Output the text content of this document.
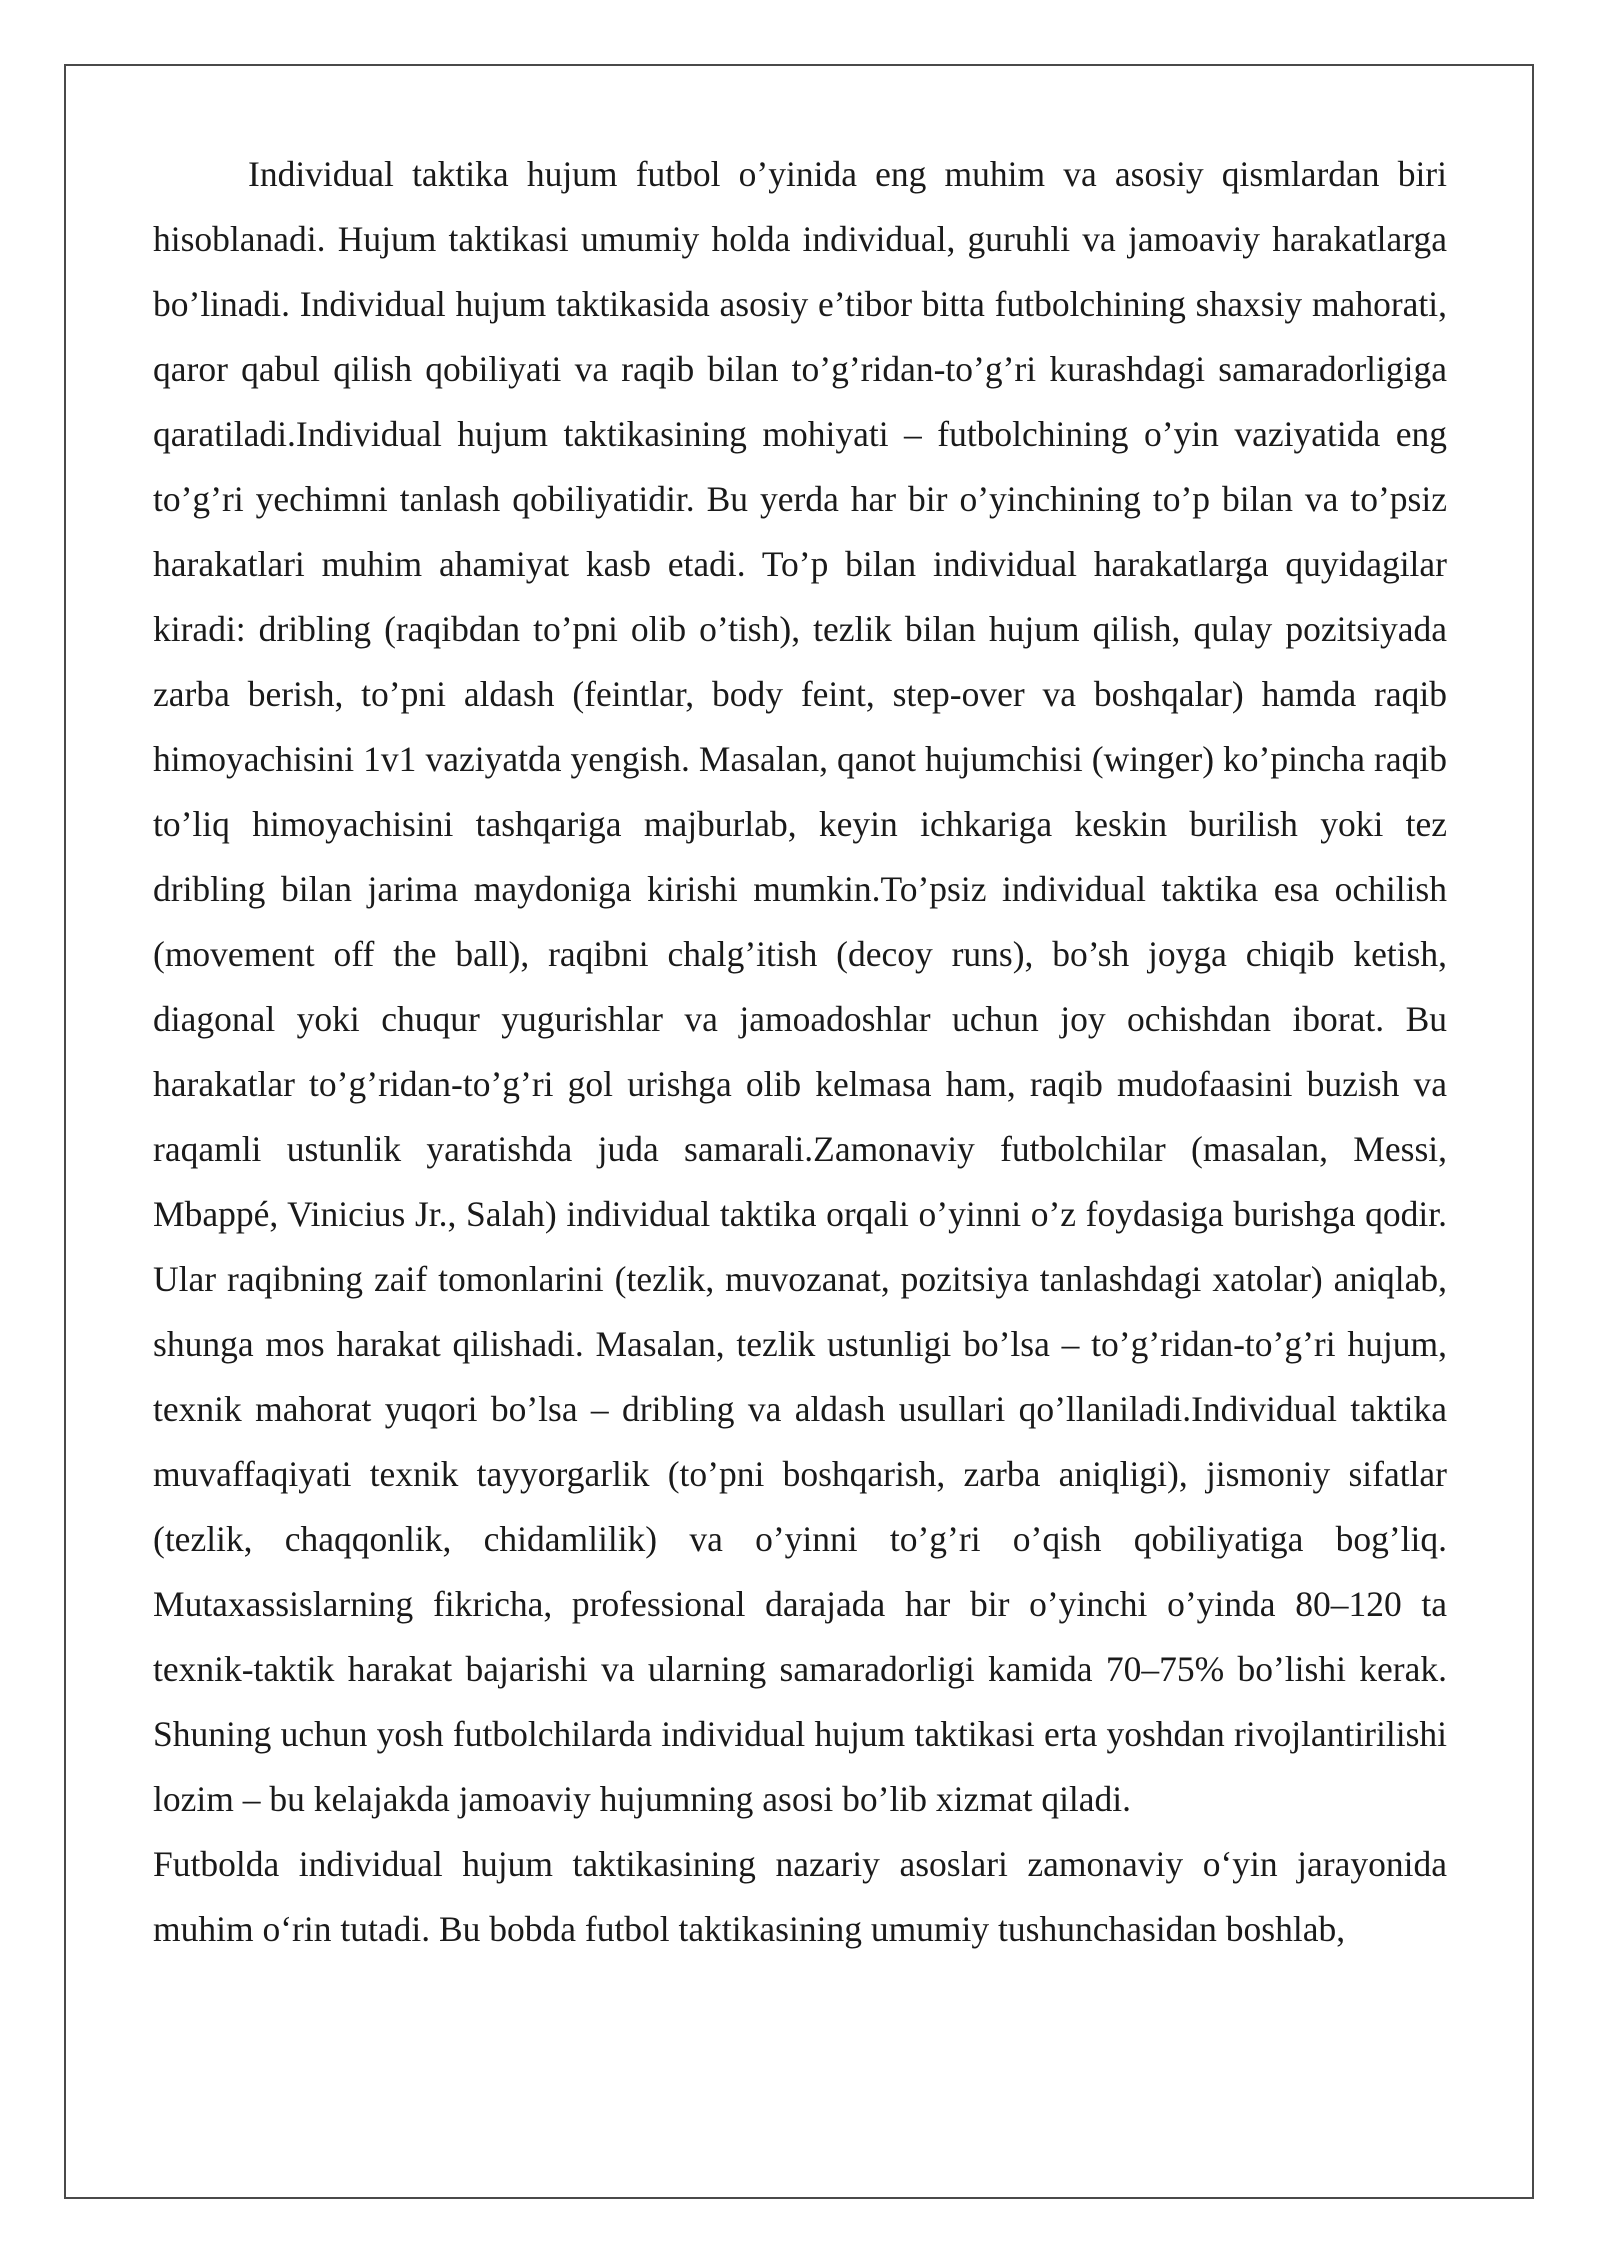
Individual taktika hujum futbol o’yinida eng muhim va asosiy qismlardan biri hisoblanadi. Hujum taktikasi umumiy holda individual, guruhli va jamoaviy harakatlarga bo’linadi. Individual hujum taktikasida asosiy e’tibor bitta futbolchining shaxsiy mahorati, qaror qabul qilish qobiliyati va raqib bilan to’g’ridan-to’g’ri kurashdagi samaradorligiga qaratiladi.Individual hujum taktikasining mohiyati – futbolchining o’yin vaziyatida eng to’g’ri yechimni tanlash qobiliyatidir. Bu yerda har bir o’yinchining to’p bilan va to’psiz harakatlari muhim ahamiyat kasb etadi. To’p bilan individual harakatlarga quyidagilar kiradi: dribling (raqibdan to’pni olib o’tish), tezlik bilan hujum qilish, qulay pozitsiyada zarba berish, to’pni aldash (feintlar, body feint, step-over va boshqalar) hamda raqib himoyachisini 1v1 vaziyatda yengish. Masalan, qanot hujumchisi (winger) ko’pincha raqib to’liq himoyachisini tashqariga majburlab, keyin ichkariga keskin burilish yoki tez dribling bilan jarima maydoniga kirishi mumkin.To’psiz individual taktika esa ochilish (movement off the ball), raqibni chalg’itish (decoy runs), bo’sh joyga chiqib ketish, diagonal yoki chuqur yugurishlar va jamoadoshlar uchun joy ochishdan iborat. Bu harakatlar to’g’ridan-to’g’ri gol urishga olib kelmasa ham, raqib mudofaasini buzish va raqamli ustunlik yaratishda juda samarali.Zamonaviy futbolchilar (masalan, Messi, Mbappé, Vinicius Jr., Salah) individual taktika orqali o’yinni o’z foydasiga burishga qodir. Ular raqibning zaif tomonlarini (tezlik, muvozanat, pozitsiya tanlashdagi xatolar) aniqlab, shunga mos harakat qilishadi. Masalan, tezlik ustunligi bo’lsa – to’g’ridan-to’g’ri hujum, texnik mahorat yuqori bo’lsa – dribling va aldash usullari qo’llaniladi.Individual taktika muvaffaqiyati texnik tayyorgarlik (to’pni boshqarish, zarba aniqligi), jismoniy sifatlar (tezlik, chaqqonlik, chidamlilik) va o’yinni to’g’ri o’qish qobiliyatiga bog’liq. Mutaxassislarning fikricha, professional darajada har bir o’yinchi o’yinda 80–120 ta texnik-taktik harakat bajarishi va ularning samaradorligi kamida 70–75% bo’lishi kerak. Shuning uchun yosh futbolchilarda individual hujum taktikasi erta yoshdan rivojlantirilishi lozim – bu kelajakda jamoaviy hujumning asosi bo’lib xizmat qiladi.

Futbolda individual hujum taktikasining nazariy asoslari zamonaviy oʻyin jarayonida muhim oʻrin tutadi. Bu bobda futbol taktikasining umumiy tushunchasidan boshlab,
